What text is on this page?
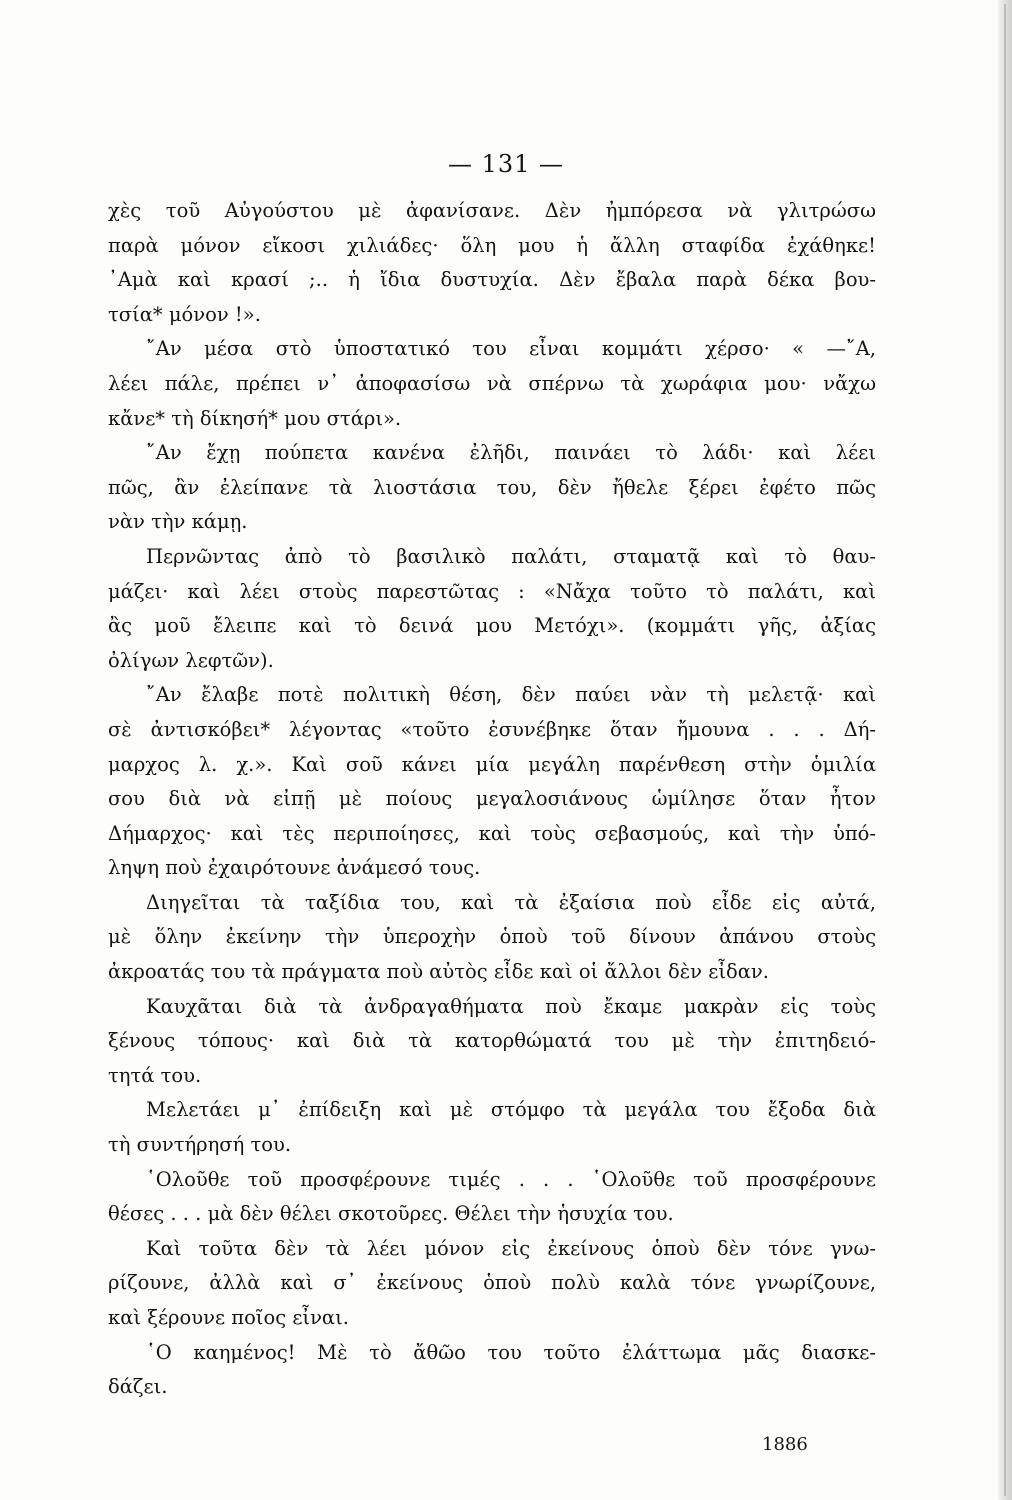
— 131 —
χὲς τοῦ Αὐγούστου μὲ ἀφανίσανε. Δὲν ἠμπόρεσα νὰ γλιτρώσω
παρὰ μόνον εἴκοσι χιλιάδες· ὅλη μου ἡ ἄλλη σταφίδα ἐχάθηκε!
᾿Αμὰ καὶ κρασί ;.. ἡ ἴδια δυστυχία. Δὲν ἔβαλα παρὰ δέκα βου-
τσία* μόνον !».
῎Αν μέσα στὸ ὑποστατικό του εἶναι κομμάτι χέρσο· « —῎Α,
λέει πάλε, πρέπει ν᾿ ἀποφασίσω νὰ σπέρνω τὰ χωράφια μου· νἄχω
κἄνε* τὴ δίκησή* μου στάρι».
῎Αν ἔχῃ πούπετα κανένα ἐλῆδι, παινάει τὸ λάδι· καὶ λέει
πῶς, ἂν ἐλείπανε τὰ λιοστάσια του, δὲν ἤθελε ξέρει ἐφέτο πῶς
νὰν τὴν κάμῃ.
Περνῶντας ἀπὸ τὸ βασιλικὸ παλάτι, σταματᾷ καὶ τὸ θαυ-
μάζει· καὶ λέει στοὺς παρεστῶτας : «Νἄχα τοῦτο τὸ παλάτι, καὶ
ἂς μοῦ ἔλειπε καὶ τὸ δεινά μου Μετόχι». (κομμάτι γῆς, ἀξίας
ὀλίγων λεφτῶν).
῎Αν ἔλαβε ποτὲ πολιτικὴ θέση, δὲν παύει νὰν τὴ μελετᾷ· καὶ
σὲ ἀντισκόβει* λέγοντας «τοῦτο ἐσυνέβηκε ὅταν ἤμουνα . . . Δή-
μαρχος λ. χ.». Καὶ σοῦ κάνει μία μεγάλη παρένθεση στὴν ὁμιλία
σου διὰ νὰ εἰπῇ μὲ ποίους μεγαλοσιάνους ὡμίλησε ὅταν ἦτον
Δήμαρχος· καὶ τὲς περιποίησες, καὶ τοὺς σεβασμούς, καὶ τὴν ὑπό-
ληψη ποὺ ἐχαιρότουνε ἀνάμεσό τους.
Διηγεῖται τὰ ταξίδια του, καὶ τὰ ἐξαίσια ποὺ εἶδε εἰς αὐτά,
μὲ ὅλην ἐκείνην τὴν ὑπεροχὴν ὁποὺ τοῦ δίνουν ἀπάνου στοὺς
ἀκροατάς του τὰ πράγματα ποὺ αὐτὸς εἶδε καὶ οἱ ἄλλοι δὲν εἶδαν.
Καυχᾶται διὰ τὰ ἀνδραγαθήματα ποὺ ἔκαμε μακρὰν εἰς τοὺς
ξένους τόπους· καὶ διὰ τὰ κατορθώματά του μὲ τὴν ἐπιτηδειό-
τητά του.
Μελετάει μ᾿ ἐπίδειξη καὶ μὲ στόμφο τὰ μεγάλα του ἔξοδα διὰ
τὴ συντήρησή του.
῾Ολοῦθε τοῦ προσφέρουνε τιμές . . . ῾Ολοῦθε τοῦ προσφέρουνε
θέσες . . . μὰ δὲν θέλει σκοτοῦρες. Θέλει τὴν ἡσυχία του.
Καὶ τοῦτα δὲν τὰ λέει μόνον εἰς ἐκείνους ὁποὺ δὲν τόνε γνω-
ρίζουνε, ἀλλὰ καὶ σ᾿ ἐκείνους ὁποὺ πολὺ καλὰ τόνε γνωρίζουνε,
καὶ ξέρουνε ποῖος εἶναι.
῾Ο καημένος! Μὲ τὸ ἄθῶο του τοῦτο ἐλάττωμα μᾶς διασκε-
δάζει.
1886
